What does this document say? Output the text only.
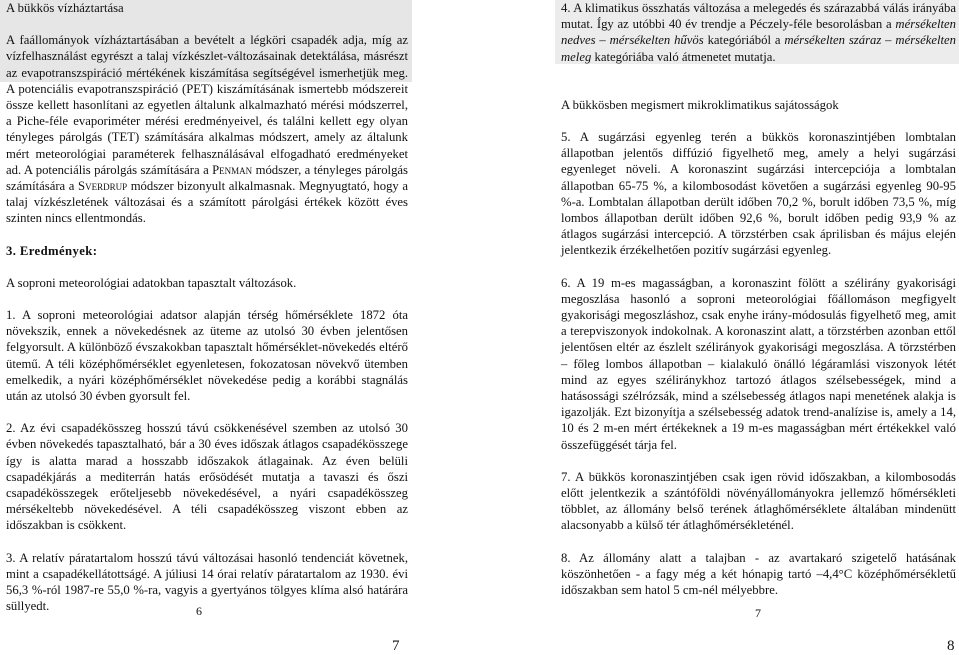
A bükkös vízháztartása

A faállományok vízháztartásában a bevételt a légköri csapadék adja, míg az vízfelhasználást egyrészt a talaj vízkészlet-változásainak detektálása, másrészt az evapotranszspiráció mértékének kiszámítása segítségével ismerhetjük meg. A potenciális evapotranszspiráció (PET) kiszámításának ismertebb módszereit össze kellett hasonlítani az egyetlen általunk alkalmazható mérési módszerrel, a Piche-féle evaporiméter mérési eredményeivel, és találni kellett egy olyan tényleges párolgás (TET) számítására alkalmas módszert, amely az általunk mért meteorológiai paraméterek felhasználásával elfogadható eredményeket ad. A potenciális párolgás számítására a Penman módszer, a tényleges párolgás számítására a Sverdrup módszer bizonyult alkalmasnak. Megnyugtató, hogy a talaj vízkészletének változásai és a számított párolgási értékek között éves szinten nincs ellentmondás.

3. Eredmények:

A soproni meteorológiai adatokban tapasztalt változások.

1. A soproni meteorológiai adatsor alapján térség hőmérséklete 1872 óta növekszik, ennek a növekedésnek az üteme az utolsó 30 évben jelentősen felgyorsult. A különböző évszakokban tapasztalt hőmérséklet-növekedés eltérő ütemű. A téli középhőmérséklet egyenletesen, fokozatosan növekvő ütemben emelkedik, a nyári középhőmérséklet növekedése pedig a korábbi stagnálás után az utolsó 30 évben gyorsult fel.

2. Az évi csapadékösszeg hosszú távú csökkenésével szemben az utolsó 30 évben növekedés tapasztalható, bár a 30 éves időszak átlagos csapadékösszege így is alatta marad a hosszabb időszakok átlagainak. Az éven belüli csapadékjárás a mediterrán hatás erősödését mutatja a tavaszi és őszi csapadékösszegek erőteljesebb növekedésével, a nyári csapadékösszeg mérsékeltebb növekedésével. A téli csapadékösszeg viszont ebben az időszakban is csökkent.

3. A relatív páratartalom hosszú távú változásai hasonló tendenciát követnek, mint a csapadékellátottságé. A júliusi 14 órai relatív páratartalom az 1930. évi 56,3 %-ról 1987-re 55,0 %-ra, vagyis a gyertyános tölgyes klíma alsó határára süllyedt.	6
7

4. A klimatikus összhatás változása a melegedés és szárazabbá válás irányába mutat. Így az utóbbi 40 év trendje a Péczely-féle besorolásban a mérsékelten nedves – mérsékelten hűvös kategóriából a mérsékelten száraz – mérsékelten meleg kategóriába való átmenetet mutatja.

A bükkösben megismert mikroklimatikus sajátosságok

5. A sugárzási egyenleg terén a bükkös koronaszintjében lombtalan állapotban jelentős diffúzió figyelhető meg, amely a helyi sugárzási egyenleget növeli. A koronaszint sugárzási intercepciója a lombtalan állapotban 65-75 %, a kilombosodást követően a sugárzási egyenleg 90-95 %-a. Lombtalan állapotban derült időben 70,2 %, borult időben 73,5 %, míg lombos állapotban derült időben 92,6 %, borult időben pedig 93,9 % az átlagos sugárzási intercepció. A törzstérben csak áprilisban és május elején jelentkezik érzékelhetően pozitív sugárzási egyenleg.

6. A 19 m-es magasságban, a koronaszint fölött a szélirány gyakorisági megoszlása hasonló a soproni meteorológiai főállomáson megfigyelt gyakorisági megoszláshoz, csak enyhe irány-módosulás figyelhető meg, amit a terepviszonyok indokolnak. A koronaszint alatt, a törzstérben azonban ettől jelentősen eltér az észlelt szélirányok gyakorisági megoszlása. A törzstérben – főleg lombos állapotban – kialakuló önálló légáramlási viszonyok létét mind az egyes széliránykhoz tartozó átlagos szélsebességek, mind a hatásossági szélrózsák, mind a szélsebesség átlagos napi menetének alakja is igazolják. Ezt bizonyítja a szélsebesség adatok trend-analízise is, amely a 14, 10 és 2 m-en mért értékeknek a 19 m-es magasságban mért értékekkel való összefüggését tárja fel.

7. A bükkös koronaszintjében csak igen rövid időszakban, a kilombosodás előtt jelentkezik a szántóföldi növényállományokra jellemző hőmérsékleti többlet, az állomány belső terének átlaghőmérséklete általában mindenütt alacsonyabb a külső tér átlaghőmérsékleténél.

8. Az állomány alatt a talajban - az avartakaró szigetelő hatásának köszönhetően - a fagy még a két hónapig tartó –4,4°C középhőmérsékletű időszakban sem hatol 5 cm-nél mélyebbre.

7
8
